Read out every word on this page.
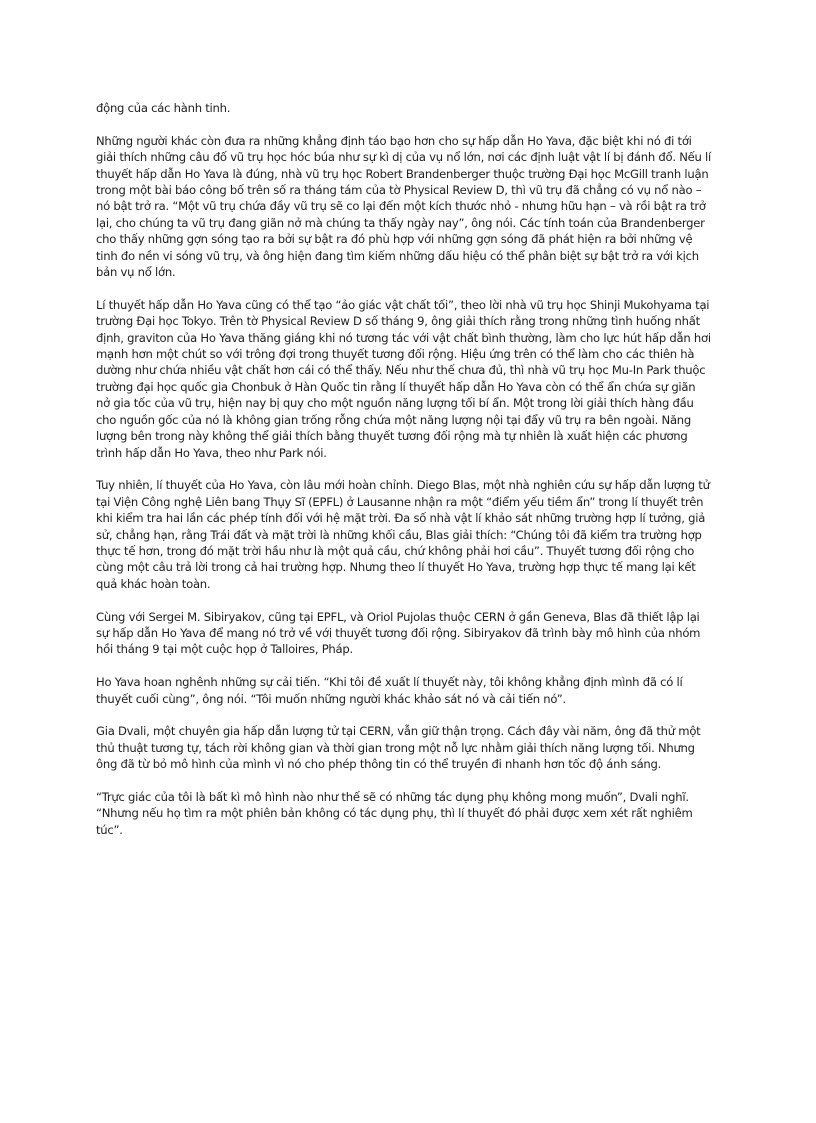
động của các hành tinh.

Những người khác còn đưa ra những khẳng định táo bạo hơn cho sự hấp dẫn Ho Yava, đặc biệt khi nó đi tới giải thích những câu đố vũ trụ học hóc búa như sự kì dị của vụ nổ lớn, nơi các định luật vật lí bị đánh đổ. Nếu lí thuyết hấp dẫn Ho Yava là đúng, nhà vũ trụ học Robert Brandenberger thuộc trường Đại học McGill tranh luận trong một bài báo công bố trên số ra tháng tám của tờ Physical Review D, thì vũ trụ đã chẳng có vụ nổ nào – nó bật trở ra. “Một vũ trụ chứa đầy vũ trụ sẽ co lại đến một kích thước nhỏ - nhưng hữu hạn – và rồi bật ra trở lại, cho chúng ta vũ trụ đang giãn nở mà chúng ta thấy ngày nay”, ông nói. Các tính toán của Brandenberger cho thấy những gợn sóng tạo ra bởi sự bật ra đó phù hợp với những gợn sóng đã phát hiện ra bởi những vệ tinh đo nền vi sóng vũ trụ, và ông hiện đang tìm kiếm những dấu hiệu có thể phân biệt sự bật trở ra với kịch bản vụ nổ lớn.

Lí thuyết hấp dẫn Ho Yava cũng có thể tạo “ảo giác vật chất tối”, theo lời nhà vũ trụ học Shinji Mukohyama tại trường Đại học Tokyo. Trên tờ Physical Review D số tháng 9, ông giải thích rằng trong những tình huống nhất định, graviton của Ho Yava thăng giáng khi nó tương tác với vật chất bình thường, làm cho lực hút hấp dẫn hơi mạnh hơn một chút so với trông đợi trong thuyết tương đối rộng. Hiệu ứng trên có thể làm cho các thiên hà dường như chứa nhiều vật chất hơn cái có thể thấy. Nếu như thế chưa đủ, thì nhà vũ trụ học Mu-In Park thuộc trường đại học quốc gia Chonbuk ở Hàn Quốc tin rằng lí thuyết hấp dẫn Ho Yava còn có thể ẩn chứa sự giãn nở gia tốc của vũ trụ, hiện nay bị quy cho một nguồn năng lượng tối bí ẩn. Một trong lời giải thích hàng đầu cho nguồn gốc của nó là không gian trống rỗng chứa một năng lượng nội tại đẩy vũ trụ ra bên ngoài. Năng lượng bên trong này không thể giải thích bằng thuyết tương đối rộng mà tự nhiên là xuất hiện các phương trình hấp dẫn Ho Yava, theo như Park nói.

Tuy nhiên, lí thuyết của Ho Yava, còn lâu mới hoàn chỉnh. Diego Blas, một nhà nghiên cứu sự hấp dẫn lượng tử tại Viện Công nghệ Liên bang Thụy Sĩ (EPFL) ở Lausanne nhận ra một “điểm yếu tiềm ẩn” trong lí thuyết trên khi kiểm tra hai lần các phép tính đối với hệ mặt trời. Đa số nhà vật lí khảo sát những trường hợp lí tưởng, giả sử, chẳng hạn, rằng Trái đất và mặt trời là những khối cầu, Blas giải thích: “Chúng tôi đã kiểm tra trường hợp thực tế hơn, trong đó mặt trời hầu như là một quả cầu, chứ không phải hơi cầu”. Thuyết tương đối rộng cho cùng một câu trả lời trong cả hai trường hợp. Nhưng theo lí thuyết Ho Yava, trường hợp thực tế mang lại kết quả khác hoàn toàn.

Cùng với Sergei M. Sibiryakov, cũng tại EPFL, và Oriol Pujolas thuộc CERN ở gần Geneva, Blas đã thiết lập lại sự hấp dẫn Ho Yava để mang nó trở về với thuyết tương đối rộng. Sibiryakov đã trình bày mô hình của nhóm hồi tháng 9 tại một cuộc họp ở Talloires, Pháp.

Ho Yava hoan nghênh những sự cải tiến. “Khi tôi đề xuất lí thuyết này, tôi không khẳng định mình đã có lí thuyết cuối cùng”, ông nói. “Tôi muốn những người khác khảo sát nó và cải tiến nó”.

Gia Dvali, một chuyên gia hấp dẫn lượng tử tại CERN, vẫn giữ thận trọng. Cách đây vài năm, ông đã thử một thủ thuật tương tự, tách rời không gian và thời gian trong một nỗ lực nhằm giải thích năng lượng tối. Nhưng ông đã từ bỏ mô hình của mình vì nó cho phép thông tin có thể truyền đi nhanh hơn tốc độ ánh sáng.

“Trực giác của tôi là bất kì mô hình nào như thế sẽ có những tác dụng phụ không mong muốn”, Dvali nghĩ. “Nhưng nếu họ tìm ra một phiên bản không có tác dụng phụ, thì lí thuyết đó phải được xem xét rất nghiêm túc”.
